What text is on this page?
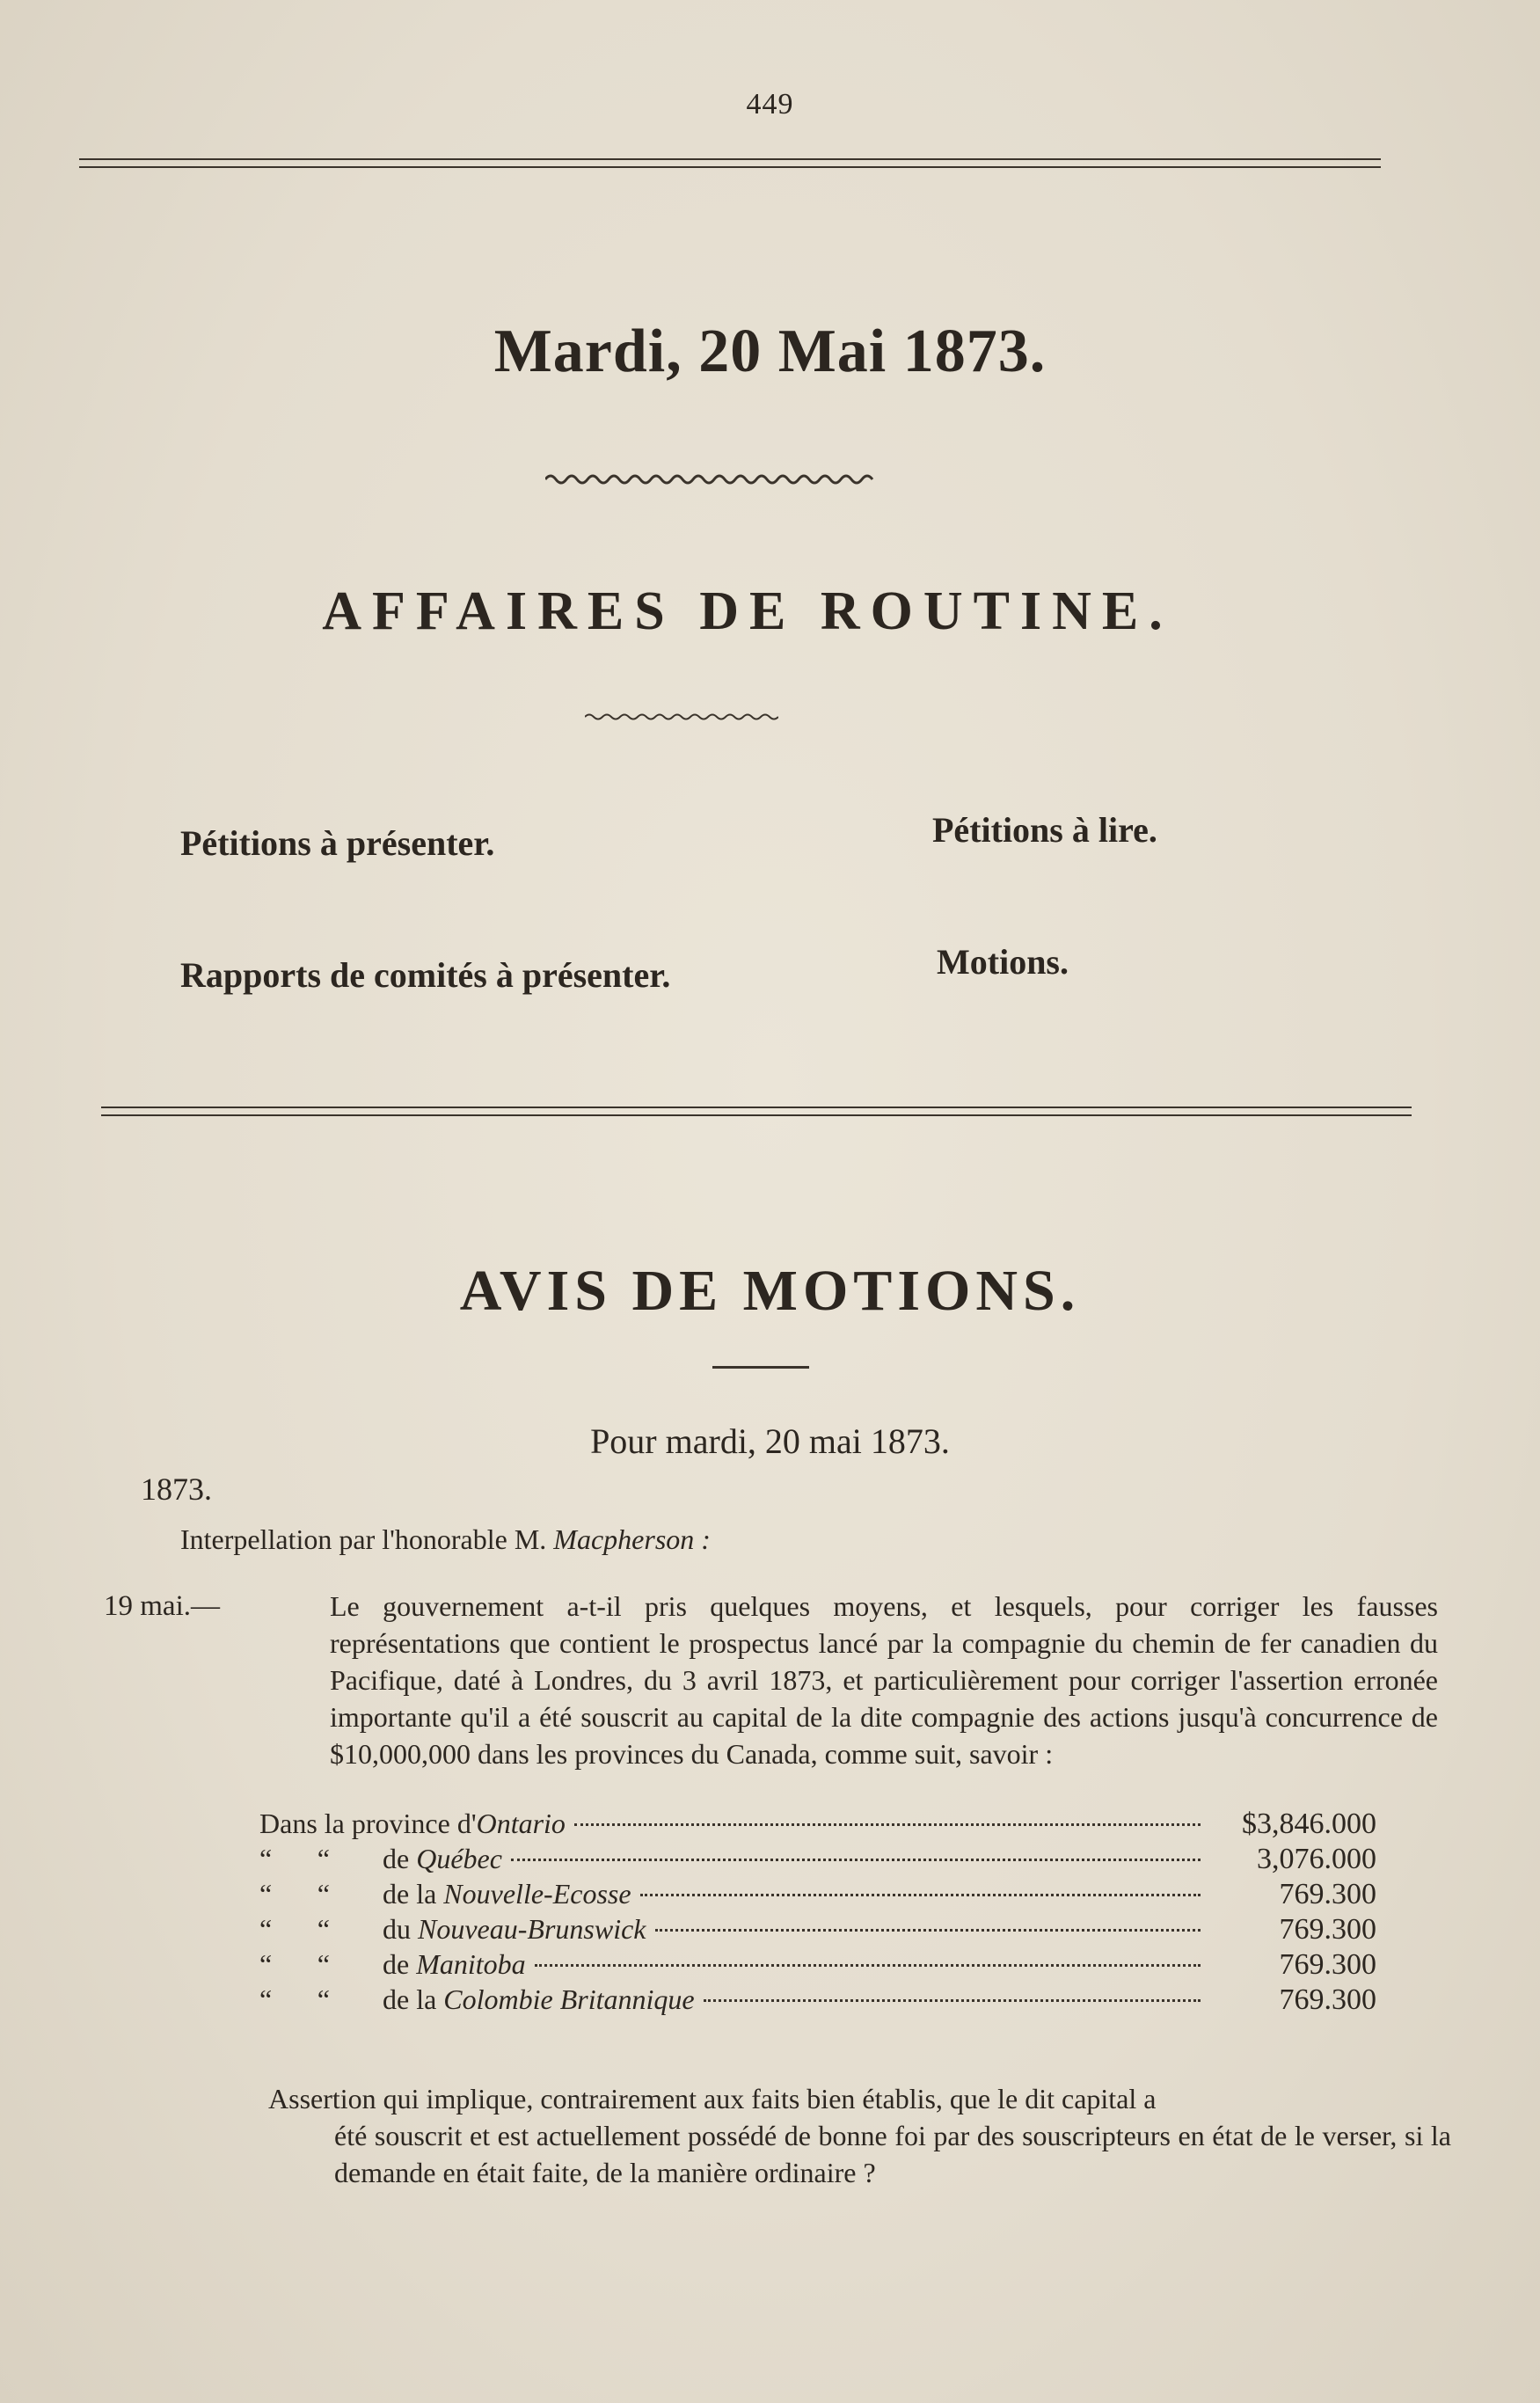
449
Mardi, 20 Mai 1873.
AFFAIRES DE ROUTINE.
Pétitions à présenter.	Pétitions à lire.
Rapports de comités à présenter.	Motions.
AVIS DE MOTIONS.
Pour mardi, 20 mai 1873.
1873.
Interpellation par l'honorable M. Macpherson :
19 mai.—	Le gouvernement a-t-il pris quelques moyens, et lesquels, pour corriger les fausses représentations que contient le prospectus lancé par la compagnie du chemin de fer canadien du Pacifique, daté à Londres, du 3 avril 1873, et particulièrement pour corriger l'assertion erronée importante qu'il a été souscrit au capital de la dite compagnie des actions jusqu'à concurrence de $10,000,000 dans les provinces du Canada, comme suit, savoir :
Dans la province d'Ontario	$3,846.000
“ “ de Québec	3,076.000
“ “ de la Nouvelle-Ecosse	769.300
“ “ du Nouveau-Brunswick	769.300
“ “ de Manitoba	769.300
“ “ de la Colombie Britannique	769.300
Assertion qui implique, contrairement aux faits bien établis, que le dit capital a
été souscrit et est actuellement possédé de bonne foi par des souscripteurs en état de le verser, si la demande en était faite, de la manière ordinaire ?
